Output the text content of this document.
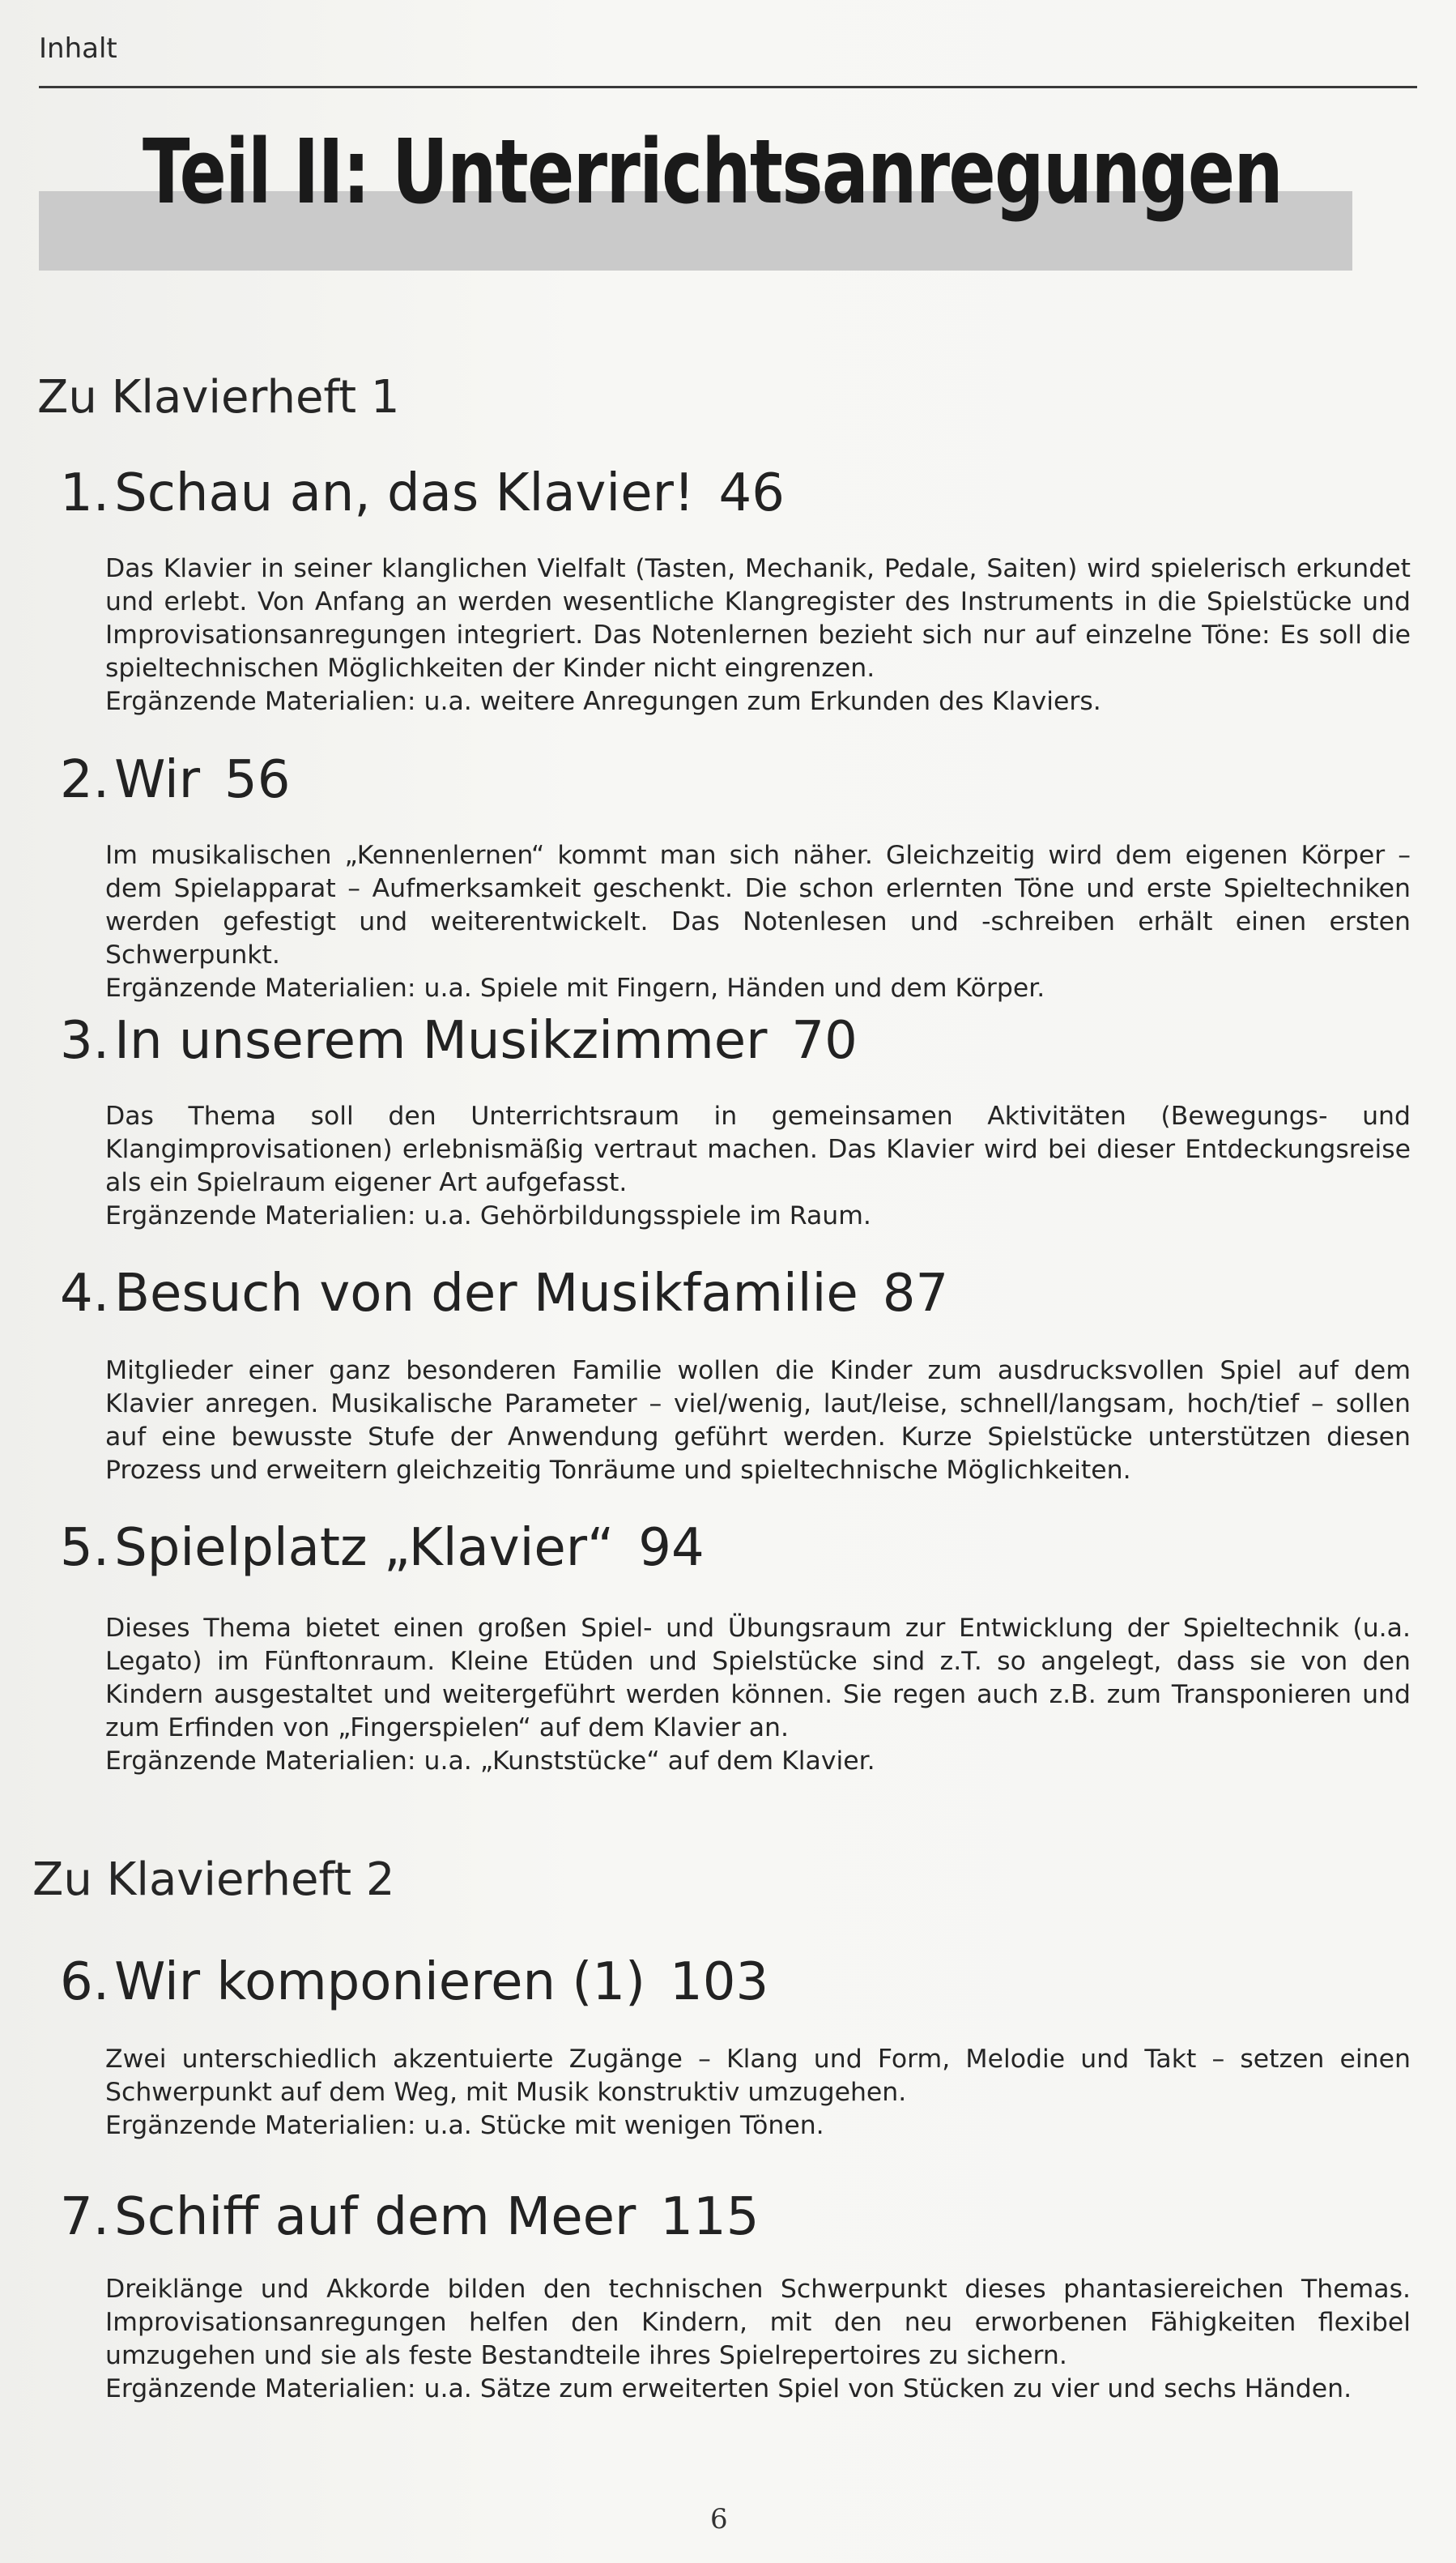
Inhalt
Teil II: Unterrichtsanregungen
Zu Klavierheft 1
1.Schau an, das Klavier! 46

Das Klavier in seiner klanglichen Vielfalt (Tasten, Mechanik, Pedale, Saiten) wird spielerisch erkundet und erlebt. Von Anfang an werden wesentliche Klangregister des Instruments in die Spielstücke und Improvisationsanregungen integriert. Das Notenlernen bezieht sich nur auf einzelne Töne: Es soll die spieltechnischen Möglichkeiten der Kinder nicht eingrenzen.

Ergänzende Materialien: u.a. weitere Anregungen zum Erkunden des Klaviers.

2.Wir 56

Im musikalischen „Kennenlernen“ kommt man sich näher. Gleichzeitig wird dem eigenen Körper – dem Spielapparat – Aufmerksamkeit geschenkt. Die schon erlernten Töne und erste Spieltechniken werden gefestigt und weiterentwickelt. Das Notenlesen und -schreiben erhält einen ersten Schwerpunkt.

Ergänzende Materialien: u.a. Spiele mit Fingern, Händen und dem Körper.

3.In unserem Musikzimmer 70

Das Thema soll den Unterrichtsraum in gemeinsamen Aktivitäten (Bewegungs- und Klangimprovisationen) erlebnismäßig vertraut machen. Das Klavier wird bei dieser Entdeckungsreise als ein Spielraum eigener Art aufgefasst.

Ergänzende Materialien: u.a. Gehörbildungsspiele im Raum.

4.Besuch von der Musikfamilie 87

Mitglieder einer ganz besonderen Familie wollen die Kinder zum ausdrucksvollen Spiel auf dem Klavier anregen. Musikalische Parameter – viel/wenig, laut/leise, schnell/langsam, hoch/tief – sollen auf eine bewusste Stufe der Anwendung geführt werden. Kurze Spielstücke unterstützen diesen Prozess und erweitern gleichzeitig Tonräume und spieltechnische Möglichkeiten.

5.Spielplatz „Klavier“ 94

Dieses Thema bietet einen großen Spiel- und Übungsraum zur Entwicklung der Spieltechnik (u.a. Legato) im Fünftonraum. Kleine Etüden und Spielstücke sind z.T. so angelegt, dass sie von den Kindern ausgestaltet und weitergeführt werden können. Sie regen auch z.B. zum Transponieren und zum Erfinden von „Fingerspielen“ auf dem Klavier an.

Ergänzende Materialien: u.a. „Kunststücke“ auf dem Klavier.

Zu Klavierheft 2
6.Wir komponieren (1) 103

Zwei unterschiedlich akzentuierte Zugänge – Klang und Form, Melodie und Takt – setzen einen Schwerpunkt auf dem Weg, mit Musik konstruktiv umzugehen.

Ergänzende Materialien: u.a. Stücke mit wenigen Tönen.

7.Schiff auf dem Meer 115

Dreiklänge und Akkorde bilden den technischen Schwerpunkt dieses phantasiereichen Themas. Improvisationsanregungen helfen den Kindern, mit den neu erworbenen Fähigkeiten flexibel umzugehen und sie als feste Bestandteile ihres Spielrepertoires zu sichern.

Ergänzende Materialien: u.a. Sätze zum erweiterten Spiel von Stücken zu vier und sechs Händen.

6
